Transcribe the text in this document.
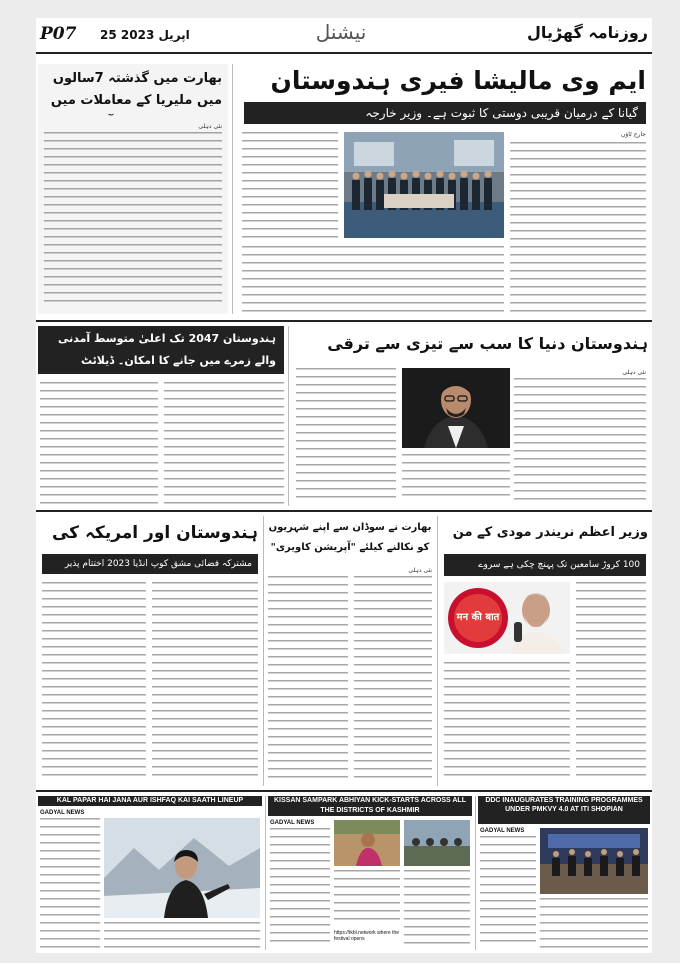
P07 25 اپریل 2023	نیشنل	روزنامہ گھڑیال
بھارت میں گذشتہ 7سالوں میں ملیریا کے معاملات میں
نئی دہلی
ایم وی مالیشا فیری ہندوستان
گیانا کے درمیان قریبی دوستی کا ثبوت ہے۔ وزیر خارجہ
جارج ٹاؤن
ہندوستان 2047 تک اعلیٰ متوسط آمدنی والے زمرے میں جانے کا امکان۔ ڈیلائٹ
ہندوستان دنیا کا سب سے تیزی سے ترقی
نئی دہلی
ہندوستان اور امریکہ کی
مشترکہ فضائی مشق کوپ انڈیا 2023 اختتام پذیر
بھارت نے سوڈان سے اپنے شہریوں کو نکالنے کیلئے "آپریشن کاویری"
نئی دہلی
وزیر اعظم نریندر مودی کے من
100 کروڑ سامعین تک پہنچ چکی ہے سروے
मन की बात
KAL PAPAR HAI JANA AUR ISHFAQ KAI SAATH LINEUP
GADYAL NEWS
KISSAN SAMPARK ABHIYAN KICK-STARTS ACROSS ALL THE DISTRICTS OF KASHMIR
GADYAL NEWS
https://tkbl.network where the festival opens
DDC INAUGURATES TRAINING PROGRAMMES UNDER PMKVY 4.0 AT ITI SHOPIAN
GADYAL NEWS
